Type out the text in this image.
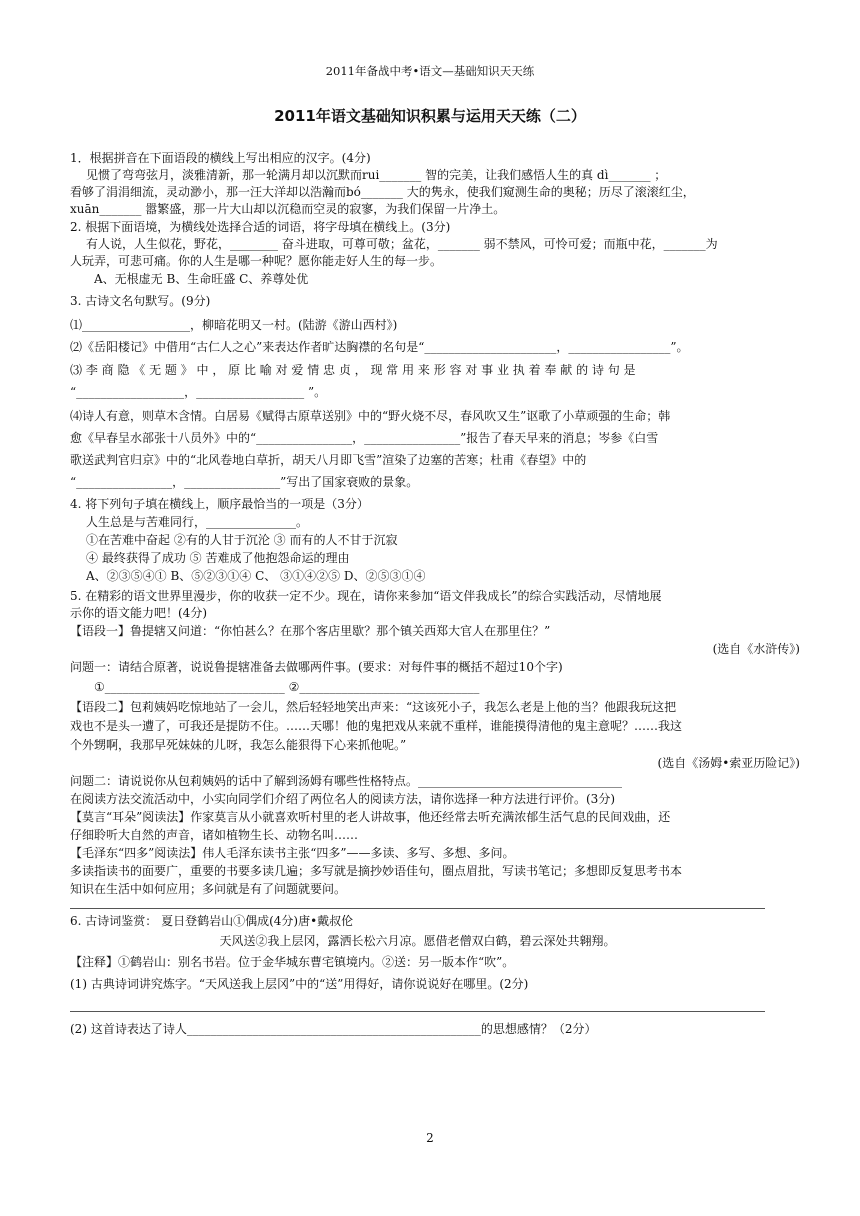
2011年备战中考•语文—基础知识天天练
2011年语文基础知识积累与运用天天练（二）
1．根据拼音在下面语段的横线上写出相应的汉字。(4分)
见惯了弯弯弦月，淡雅清新，那一轮满月却以沉默而rui_______ 智的完美，让我们感悟人生的真 dì_______ ；
看够了涓涓细流，灵动渺小，那一汪大洋却以浩瀚而bó_______ 大的隽永，使我们窥测生命的奥秘；历尽了滚滚红尘，
xuān_______ 嚣繁盛，那一片大山却以沉稳而空灵的寂寥，为我们保留一片净土。
2. 根据下面语境，为横线处选择合适的词语，将字母填在横线上。(3分)
有人说，人生似花，野花，________ 奋斗进取，可尊可敬；盆花，_______ 弱不禁风，可怜可爱；而瓶中花，_______为
人玩弄，可悲可痛。你的人生是哪一种呢？愿你能走好人生的每一步。
A、无根虚无 B、生命旺盛 C、养尊处优
3. 古诗文名句默写。(9分)
⑴__________________，柳暗花明又一村。(陆游《游山西村》)
⑵《岳阳楼记》中借用“古仁人之心”来表达作者旷达胸襟的名句是“______________________，_________________”。
⑶ 李 商 隐 《 无 题 》 中 ， 原 比 喻 对 爱 情 忠 贞 ， 现 常 用 来 形 容 对 事 业 执 着 奉 献 的 诗 句 是
“__________________，__________________ ”。
⑷诗人有意，则草木含情。白居易《赋得古原草送别》中的“野火烧不尽，春风吹又生”讴歌了小草顽强的生命；韩
愈《早春呈水部张十八员外》中的“________________，________________”报告了春天早来的消息；岑参《白雪
歌送武判官归京》中的“北风卷地白草折，胡天八月即飞雪”渲染了边塞的苦寒；杜甫《春望》中的
“________________，________________”写出了国家衰败的景象。
4. 将下列句子填在横线上，顺序最恰当的一项是（3分）
人生总是与苦难同行，_______________。
①在苦难中奋起 ②有的人甘于沉沦 ③ 而有的人不甘于沉寂
④ 最终获得了成功 ⑤ 苦难成了他抱怨命运的理由
A、②③⑤④① B、⑤②③①④ C、 ③①④②⑤ D、②⑤③①④
5. 在精彩的语文世界里漫步，你的收获一定不少。现在，请你来参加“语文伴我成长”的综合实践活动，尽情地展
示你的语文能力吧！(4分)
【语段一】鲁提辖又问道：“你怕甚么？在那个客店里歇？那个镇关西郑大官人在那里住？”
(选自《水浒传》)
问题一：请结合原著，说说鲁提辖准备去做哪两件事。(要求：对每件事的概括不超过10个字)
①______________________________ ②______________________________
【语段二】包莉姨妈吃惊地站了一会儿，然后轻轻地笑出声来：“这该死小子，我怎么老是上他的当？他跟我玩这把
戏也不是头一遭了，可我还是提防不住。……天哪！他的鬼把戏从来就不重样，谁能摸得清他的鬼主意呢？……我这
个外甥啊，我那早死妹妹的儿呀，我怎么能狠得下心来抓他呢。”
(选自《汤姆•索亚历险记》)
问题二：请说说你从包莉姨妈的话中了解到汤姆有哪些性格特点。__________________________________
在阅读方法交流活动中，小实向同学们介绍了两位名人的阅读方法，请你选择一种方法进行评价。(3分)
【莫言“耳朵”阅读法】作家莫言从小就喜欢听村里的老人讲故事，他还经常去听充满浓郁生活气息的民间戏曲，还
仔细聆听大自然的声音，诸如植物生长、动物名叫……
【毛泽东“四多”阅读法】伟人毛泽东读书主张“四多”——多读、多写、多想、多问。
多读指读书的面要广，重要的书要多读几遍；多写就是摘抄妙语佳句，圈点眉批，写读书笔记；多想即反复思考书本
知识在生活中如何应用；多问就是有了问题就要问。
6. 古诗词鉴赏： 夏日登鹤岩山①偶成(4分)唐•戴叔伦
天风送②我上层冈，露洒长松六月凉。愿借老僧双白鹤，碧云深处共翱翔。
【注释】①鹤岩山：别名书岩。位于金华城东曹宅镇境内。②送：另一版本作“吹”。
(1) 古典诗词讲究炼字。“天风送我上层冈”中的“送”用得好，请你说说好在哪里。(2分)
(2) 这首诗表达了诗人_________________________________________________的思想感情？（2分）
2
